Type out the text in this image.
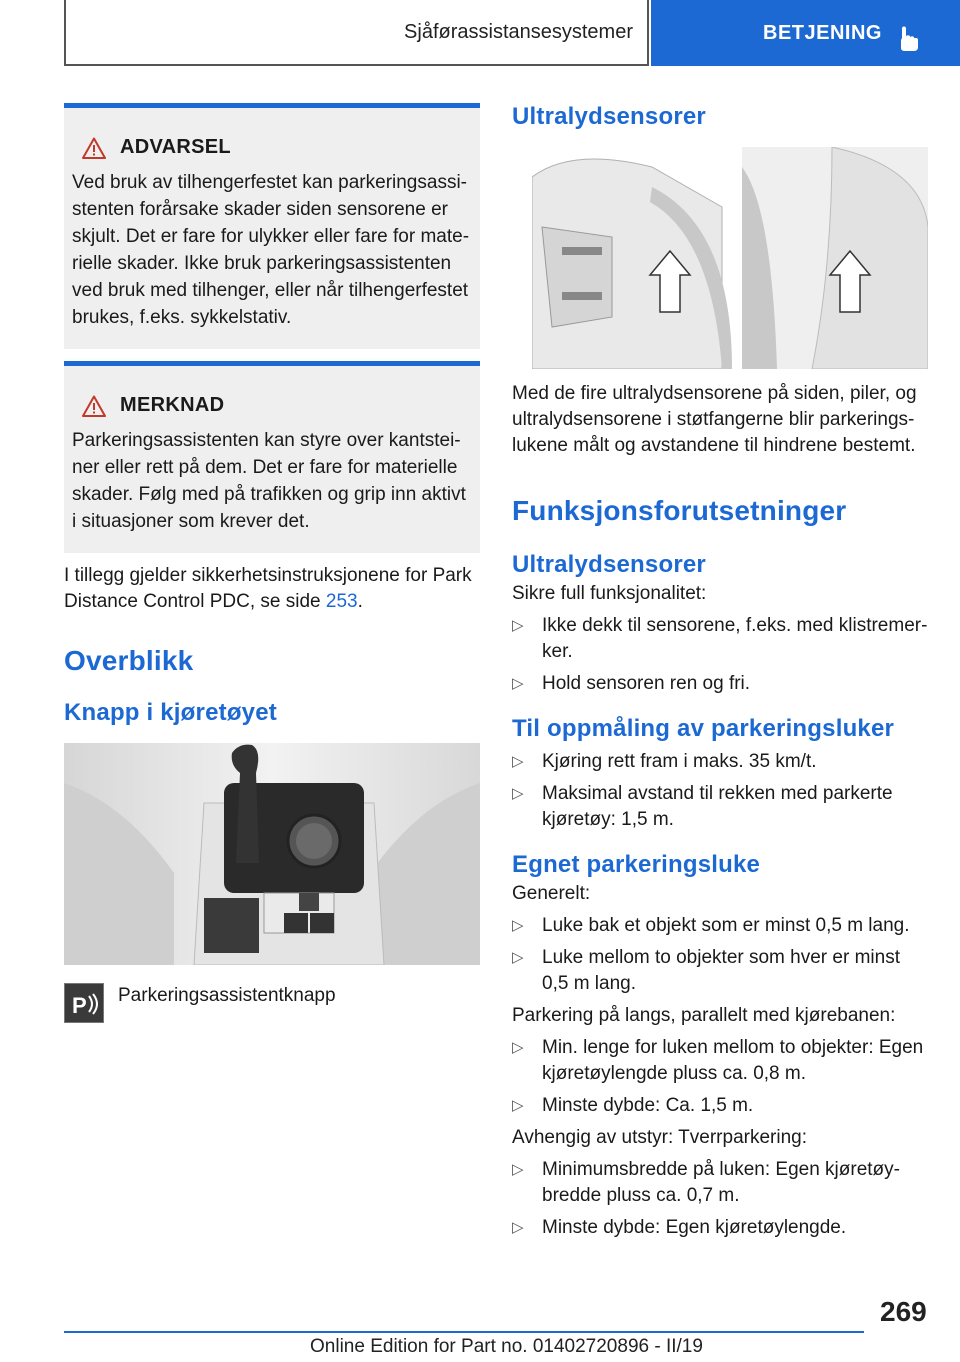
Sjåførassistansesystemer	BETJENING
ADVARSEL
Ved bruk av tilhengerfestet kan parkeringsassistenten forårsake skader siden sensorene er skjult. Det er fare for ulykker eller fare for materielle skader. Ikke bruk parkeringsassistenten ved bruk med tilhenger, eller når tilhengerfestet brukes, f.eks. sykkelstativ.
MERKNAD
Parkeringsassistenten kan styre over kantsteiner eller rett på dem. Det er fare for materielle skader. Følg med på trafikken og grip inn aktivt i situasjoner som krever det.

I tillegg gjelder sikkerhetsinstruksjonene for Park Distance Control PDC, se side 253.

Overblikk
Knapp i kjøretøyet
P Parkeringsassistentknapp
Ultralydsensorer

Med de fire ultralydsensorene på siden, piler, og ultralydsensorene i støtfangerne blir parkeringslukene målt og avstandene til hindrene bestemt.

Funksjonsforutsetninger
Ultralydsensorer

Sikre full funksjonalitet:

▷ Ikke dekk til sensorene, f.eks. med klistremerker.
▷ Hold sensoren ren og fri.
Til oppmåling av parkeringsluker
▷ Kjøring rett fram i maks. 35 km/t.
▷ Maksimal avstand til rekken med parkerte kjøretøy: 1,5 m.
Egnet parkeringsluke

Generelt:

▷ Luke bak et objekt som er minst 0,5 m lang.
▷ Luke mellom to objekter som hver er minst 0,5 m lang.

Parkering på langs, parallelt med kjørebanen:

▷ Min. lenge for luken mellom to objekter: Egen kjøretøylengde pluss ca. 0,8 m.
▷ Minste dybde: Ca. 1,5 m.

Avhengig av utstyr: Tverrparkering:

▷ Minimumsbredde på luken: Egen kjøretøybredde pluss ca. 0,7 m.
▷ Minste dybde: Egen kjøretøylengde.
269
Online Edition for Part no. 01402720896 - II/19
